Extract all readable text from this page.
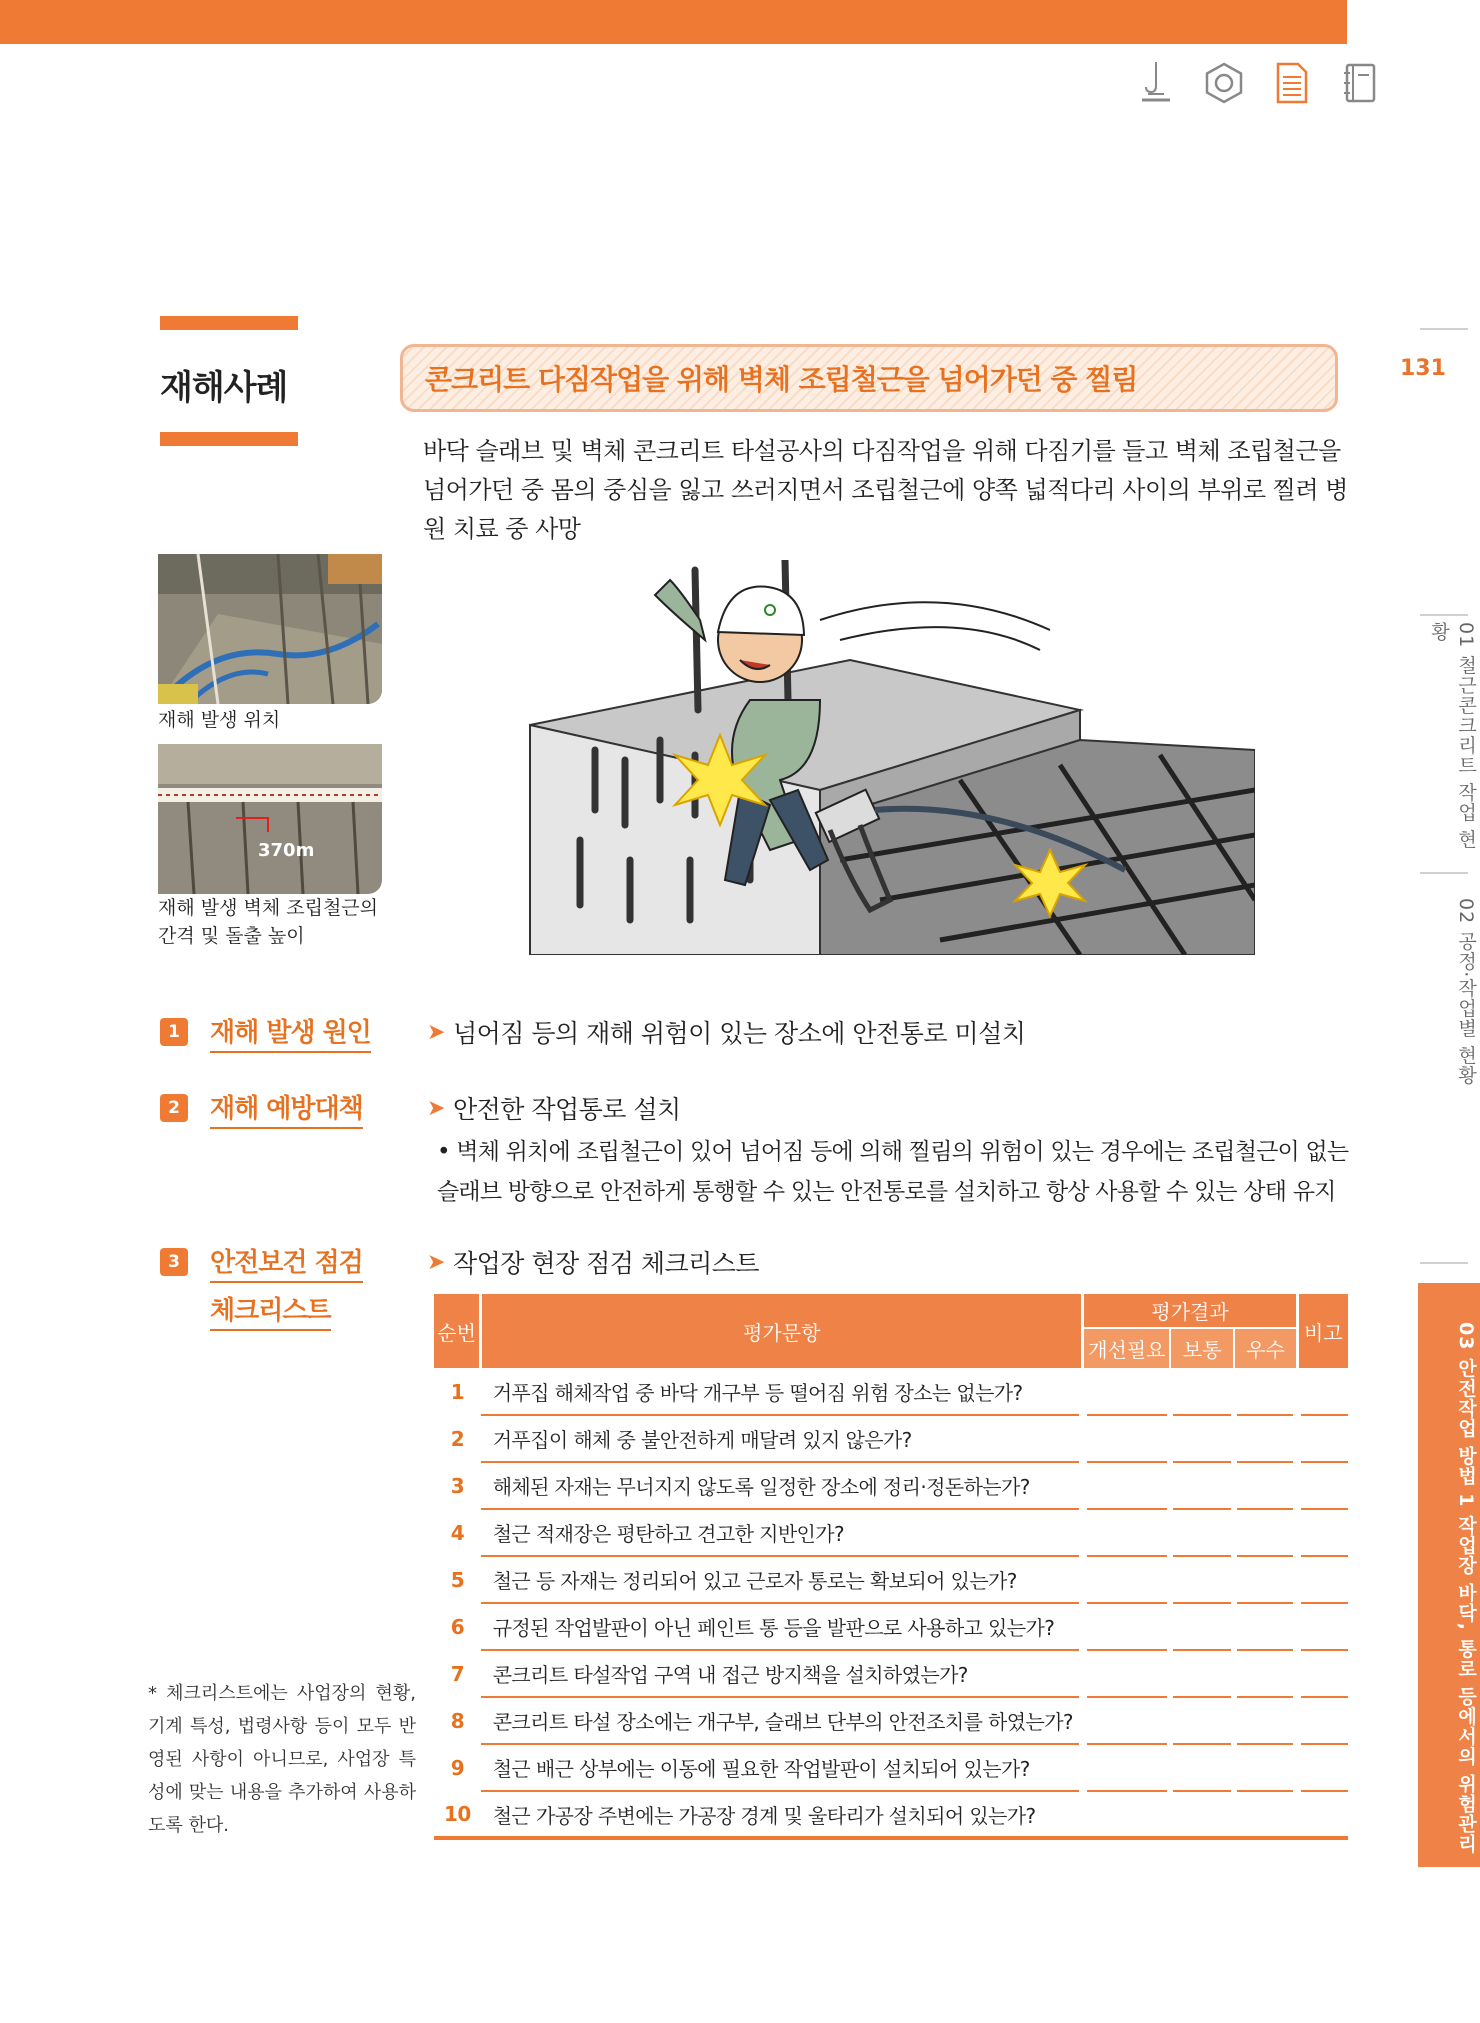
131
01 철근콘크리트 작업 현황
02 공정·작업별 현황
03 안전작업 방법 1 작업장 바닥, 통로 등에서의 위험관리
재해사례	콘크리트 다짐작업을 위해 벽체 조립철근을 넘어가던 중 찔림
바닥 슬래브 및 벽체 콘크리트 타설공사의 다짐작업을 위해 다짐기를 들고 벽체 조립철근을 넘어가던 중 몸의 중심을 잃고 쓰러지면서 조립철근에 양쪽 넓적다리 사이의 부위로 찔려 병원 치료 중 사망
재해 발생 위치
370m
재해 발생 벽체 조립철근의 간격 및 돌출 높이
1	재해 발생 원인	➤ 넘어짐 등의 재해 위험이 있는 장소에 안전통로 미설치
2	재해 예방대책	➤ 안전한 작업통로 설치
• 벽체 위치에 조립철근이 있어 넘어짐 등에 의해 찔림의 위험이 있는 경우에는 조립철근이 없는 슬래브 방향으로 안전하게 통행할 수 있는 안전통로를 설치하고 항상 사용할 수 있는 상태 유지
3	안전보건 점검
체크리스트
➤ 작업장 현장 점검 체크리스트
* 체크리스트에는 사업장의 현황, 기계 특성, 법령사항 등이 모두 반영된 사항이 아니므로, 사업장 특성에 맞는 내용을 추가하여 사용하도록 한다.
순번	평가문항	평가결과			비고
		개선필요	보통	우수	
1	거푸집 해체작업 중 바닥 개구부 등 떨어짐 위험 장소는 없는가?				
2	거푸집이 해체 중 불안전하게 매달려 있지 않은가?				
3	해체된 자재는 무너지지 않도록 일정한 장소에 정리·정돈하는가?				
4	철근 적재장은 평탄하고 견고한 지반인가?				
5	철근 등 자재는 정리되어 있고 근로자 통로는 확보되어 있는가?				
6	규정된 작업발판이 아닌 페인트 통 등을 발판으로 사용하고 있는가?				
7	콘크리트 타설작업 구역 내 접근 방지책을 설치하였는가?				
8	콘크리트 타설 장소에는 개구부, 슬래브 단부의 안전조치를 하였는가?				
9	철근 배근 상부에는 이동에 필요한 작업발판이 설치되어 있는가?				
10	철근 가공장 주변에는 가공장 경계 및 울타리가 설치되어 있는가?				
